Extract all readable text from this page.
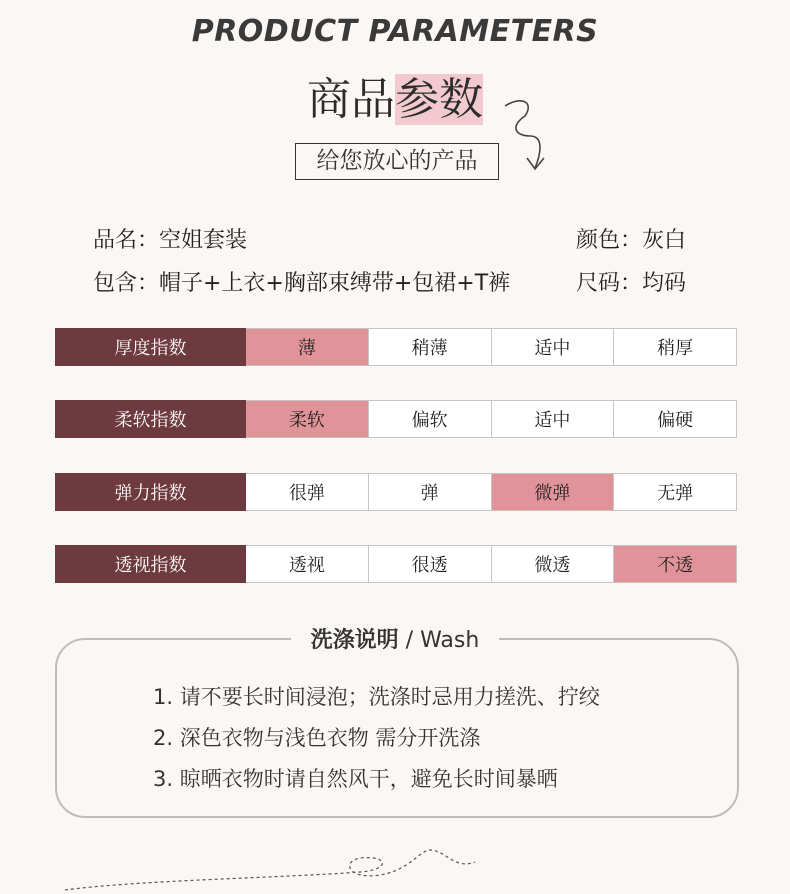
PRODUCT PARAMETERS
商品参数
给您放心的产品
品名：空姐套装	颜色：灰白
包含：帽子+上衣+胸部束缚带+包裙+T裤	尺码：均码
厚度指数	薄	稍薄	适中	稍厚
柔软指数	柔软	偏软	适中	偏硬
弹力指数	很弹	弹	微弹	无弹
透视指数	透视	很透	微透	不透
洗涤说明 / Wash
1. 请不要长时间浸泡；洗涤时忌用力搓洗、拧绞
2. 深色衣物与浅色衣物 需分开洗涤
3. 晾晒衣物时请自然风干，避免长时间暴晒
